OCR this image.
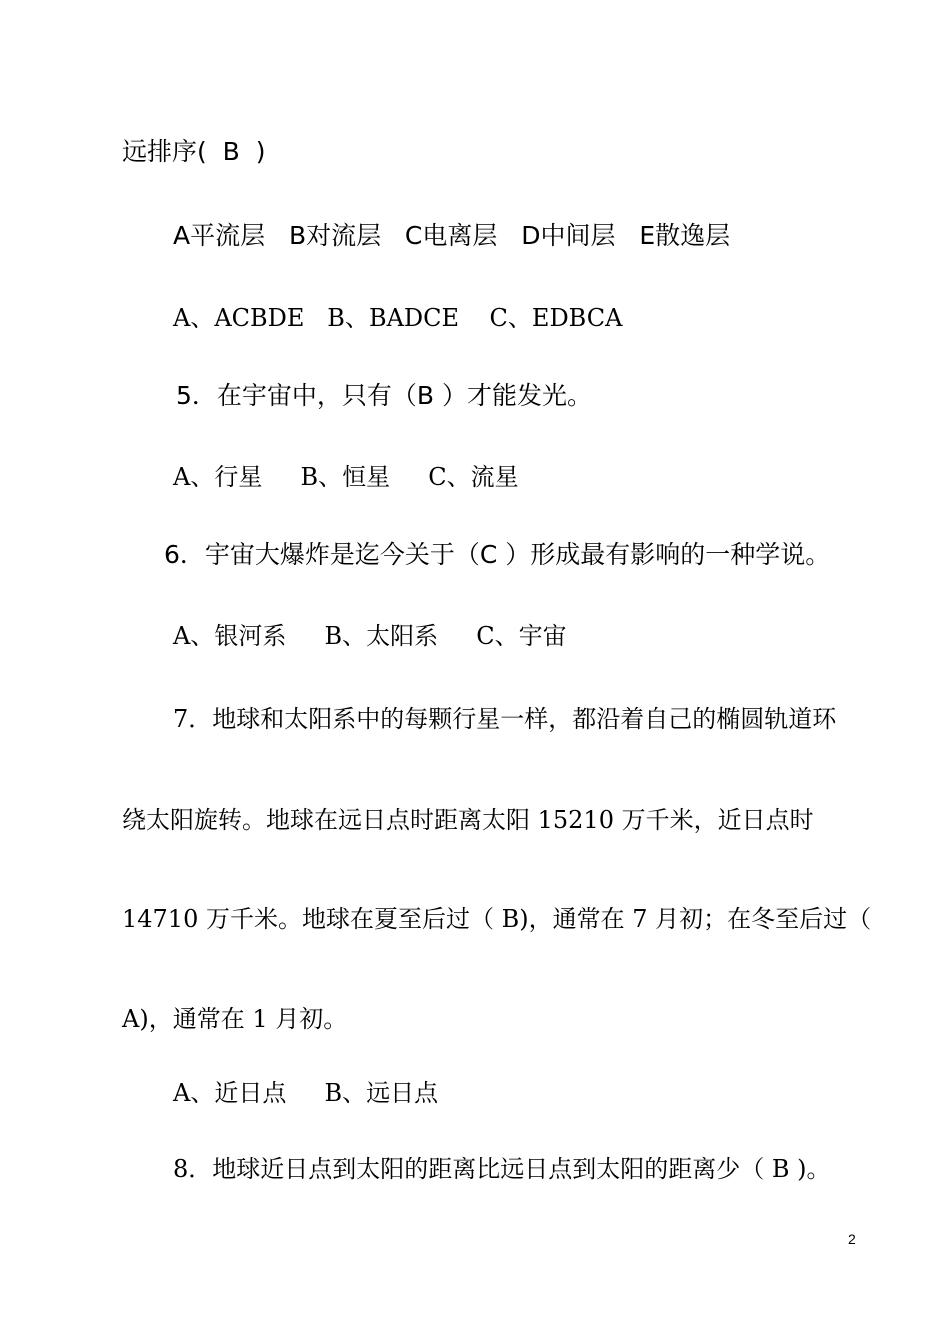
远排序(  B  )
A平流层   B对流层   C电离层   D中间层   E散逸层
A、ACBDE   B、BADCE    C、EDBCA
5．在宇宙中，只有（B ）才能发光。
A、行星     B、恒星     C、流星
6．宇宙大爆炸是迄今关于（C ）形成最有影响的一种学说。
A、银河系     B、太阳系     C、宇宙
7．地球和太阳系中的每颗行星一样，都沿着自己的椭圆轨道环
绕太阳旋转。地球在远日点时距离太阳 15210 万千米，近日点时
14710 万千米。地球在夏至后过（ B)，通常在 7 月初；在冬至后过（
A)，通常在 1 月初。
A、近日点     B、远日点
8．地球近日点到太阳的距离比远日点到太阳的距离少（ B )。
2
